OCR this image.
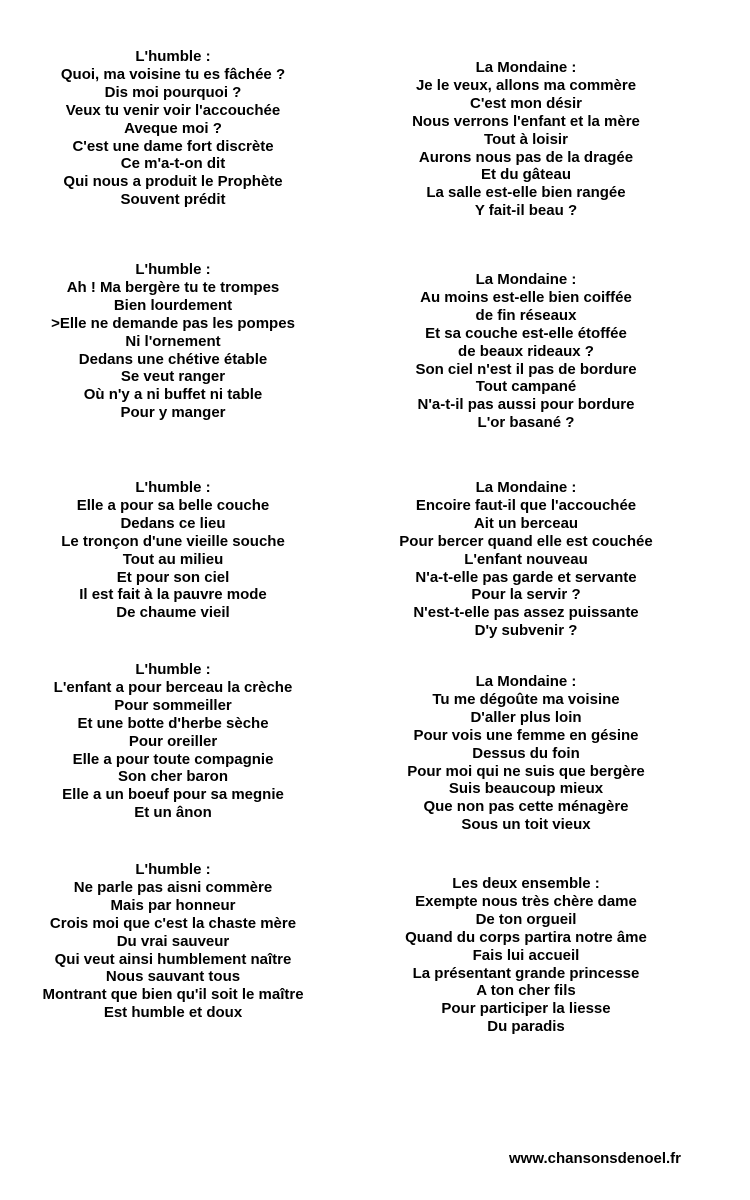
L'humble :
Quoi, ma voisine tu es fâchée ?
Dis moi pourquoi ?
Veux tu venir voir l'accouchée
Aveque moi ?
C'est une dame fort discrète
Ce m'a-t-on dit
Qui nous a produit le Prophète
Souvent prédit
La Mondaine :
Je le veux, allons ma commère
C'est mon désir
Nous verrons l'enfant et la mère
Tout à loisir
Aurons nous pas de la dragée
Et du gâteau
La salle est-elle bien rangée
Y fait-il beau ?
L'humble :
Ah ! Ma bergère tu te trompes
Bien lourdement
>Elle ne demande pas les pompes
Ni l'ornement
Dedans une chétive étable
Se veut ranger
Où n'y a ni buffet ni table
Pour y manger
La Mondaine :
Au moins est-elle bien coiffée
de fin réseaux
Et sa couche est-elle étoffée
de beaux rideaux ?
Son ciel n'est il pas de bordure
Tout campané
N'a-t-il pas aussi pour bordure
L'or basané ?
L'humble :
Elle a pour sa belle couche
Dedans ce lieu
Le tronçon d'une vieille souche
Tout au milieu
Et pour son ciel
Il est fait à la pauvre mode
De chaume vieil
La Mondaine :
Encoire faut-il que l'accouchée
Ait un berceau
Pour bercer quand elle est couchée
L'enfant nouveau
N'a-t-elle pas garde et servante
Pour la servir ?
N'est-t-elle pas assez puissante
D'y subvenir ?
L'humble :
L'enfant a pour berceau la crèche
Pour sommeiller
Et une botte d'herbe sèche
Pour oreiller
Elle a pour toute compagnie
Son cher baron
Elle a un boeuf pour sa megnie
Et un ânon
La Mondaine :
Tu me dégoûte ma voisine
D'aller plus loin
Pour vois une femme en gésine
Dessus du foin
Pour moi qui ne suis que bergère
Suis beaucoup mieux
Que non pas cette ménagère
Sous un toit vieux
L'humble :
Ne parle pas aisni commère
Mais par honneur
Crois moi que c'est la chaste mère
Du vrai sauveur
Qui veut ainsi humblement naître
Nous sauvant tous
Montrant que bien qu'il soit le maître
Est humble et doux
Les deux ensemble :
Exempte nous très chère dame
De ton orgueil
Quand du corps partira notre âme
Fais lui accueil
La présentant grande princesse
A ton cher fils
Pour participer la liesse
Du paradis
www.chansonsdenoel.fr
